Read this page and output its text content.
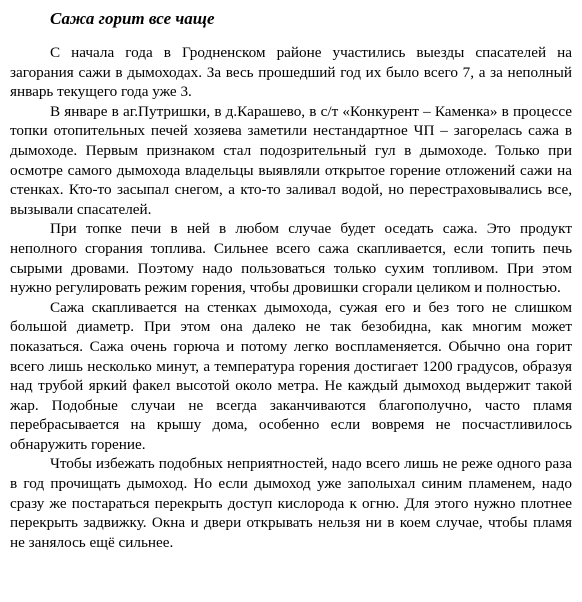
Сажа горит все чаще

С начала года в Гродненском районе участились выезды спасателей на загорания сажи в дымоходах. За весь прошедший год их было всего 7, а за неполный январь текущего года уже 3.

В январе в аг.Путришки, в д.Карашево, в с/т «Конкурент – Каменка» в процессе топки отопительных печей хозяева заметили нестандартное ЧП – загорелась сажа в дымоходе. Первым признаком стал подозрительный гул в дымоходе. Только при осмотре самого дымохода владельцы выявляли открытое горение отложений сажи на стенках. Кто-то засыпал снегом, а кто-то заливал водой, но перестраховывались все, вызывали спасателей.

При топке печи в ней в любом случае будет оседать сажа. Это продукт неполного сгорания топлива. Сильнее всего сажа скапливается, если топить печь сырыми дровами. Поэтому надо пользоваться только сухим топливом. При этом нужно регулировать режим горения, чтобы дровишки сгорали целиком и полностью.

Сажа скапливается на стенках дымохода, сужая его и без того не слишком большой диаметр. При этом она далеко не так безобидна, как многим может показаться. Сажа очень горюча и потому легко воспламеняется. Обычно она горит всего лишь несколько минут, а температура горения достигает 1200 градусов, образуя над трубой яркий факел высотой около метра. Не каждый дымоход выдержит такой жар. Подобные случаи не всегда заканчиваются благополучно, часто пламя перебрасывается на крышу дома, особенно если вовремя не посчастливилось обнаружить горение.

Чтобы избежать подобных неприятностей, надо всего лишь не реже одного раза в год прочищать дымоход. Но если дымоход уже заполыхал синим пламенем, надо сразу же постараться перекрыть доступ кислорода к огню. Для этого нужно плотнее перекрыть задвижку. Окна и двери открывать нельзя ни в коем случае, чтобы пламя не занялось ещё сильнее.
